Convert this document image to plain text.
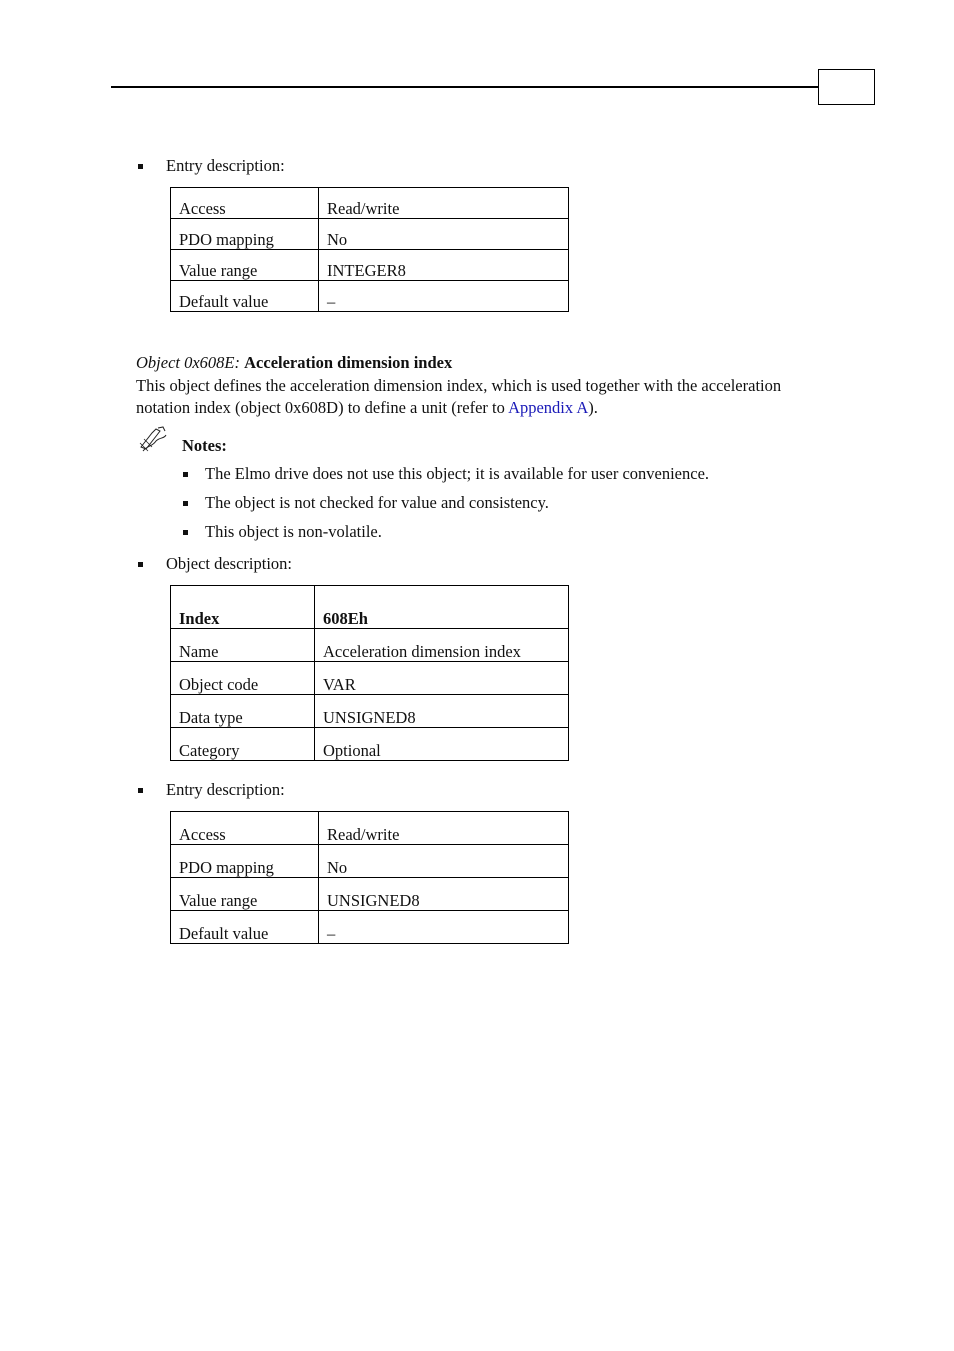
Entry description:
Access	Read/write
PDO mapping	No
Value range	INTEGER8
Default value	–
Object 0x608E: Acceleration dimension index
This object defines the acceleration dimension index, which is used together with the acceleration notation index (object 0x608D) to define a unit (refer to Appendix A).
Notes:
The Elmo drive does not use this object; it is available for user convenience.
The object is not checked for value and consistency.
This object is non-volatile.
Object description:
Index	608Eh
Name	Acceleration dimension index
Object code	VAR
Data type	UNSIGNED8
Category	Optional
Entry description:
Access	Read/write
PDO mapping	No
Value range	UNSIGNED8
Default value	–
